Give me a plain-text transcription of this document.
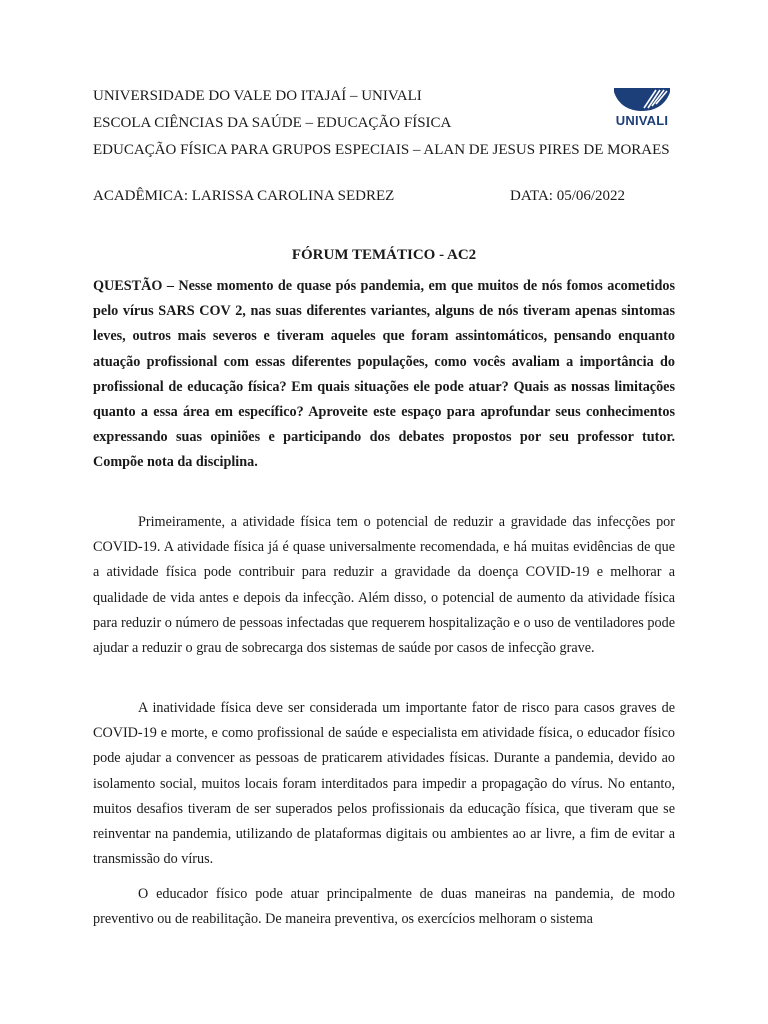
UNIVERSIDADE DO VALE DO ITAJAÍ – UNIVALI
ESCOLA CIÊNCIAS DA SAÚDE – EDUCAÇÃO FÍSICA
EDUCAÇÃO FÍSICA PARA GRUPOS ESPECIAIS – ALAN DE JESUS PIRES DE MORAES
ACADÊMICA: LARISSA CAROLINA SEDREZ	DATA: 05/06/2022
UNIVALI
FÓRUM TEMÁTICO - AC2

QUESTÃO – Nesse momento de quase pós pandemia, em que muitos de nós fomos acometidos pelo vírus SARS COV 2, nas suas diferentes variantes, alguns de nós tiveram apenas sintomas leves, outros mais severos e tiveram aqueles que foram assintomáticos, pensando enquanto atuação profissional com essas diferentes populações, como vocês avaliam a importância do profissional de educação física? Em quais situações ele pode atuar? Quais as nossas limitações quanto a essa área em específico? Aproveite este espaço para aprofundar seus conhecimentos expressando suas opiniões e participando dos debates propostos por seu professor tutor. Compõe nota da disciplina.

Primeiramente, a atividade física tem o potencial de reduzir a gravidade das infecções por COVID-19. A atividade física já é quase universalmente recomendada, e há muitas evidências de que a atividade física pode contribuir para reduzir a gravidade da doença COVID-19 e melhorar a qualidade de vida antes e depois da infecção. Além disso, o potencial de aumento da atividade física para reduzir o número de pessoas infectadas que requerem hospitalização e o uso de ventiladores pode ajudar a reduzir o grau de sobrecarga dos sistemas de saúde por casos de infecção grave.

A inatividade física deve ser considerada um importante fator de risco para casos graves de COVID-19 e morte, e como profissional de saúde e especialista em atividade física, o educador físico pode ajudar a convencer as pessoas de praticarem atividades físicas. Durante a pandemia, devido ao isolamento social, muitos locais foram interditados para impedir a propagação do vírus. No entanto, muitos desafios tiveram de ser superados pelos profissionais da educação física, que tiveram que se reinventar na pandemia, utilizando de plataformas digitais ou ambientes ao ar livre, a fim de evitar a transmissão do vírus.

O educador físico pode atuar principalmente de duas maneiras na pandemia, de modo preventivo ou de reabilitação. De maneira preventiva, os exercícios melhoram o sistema
